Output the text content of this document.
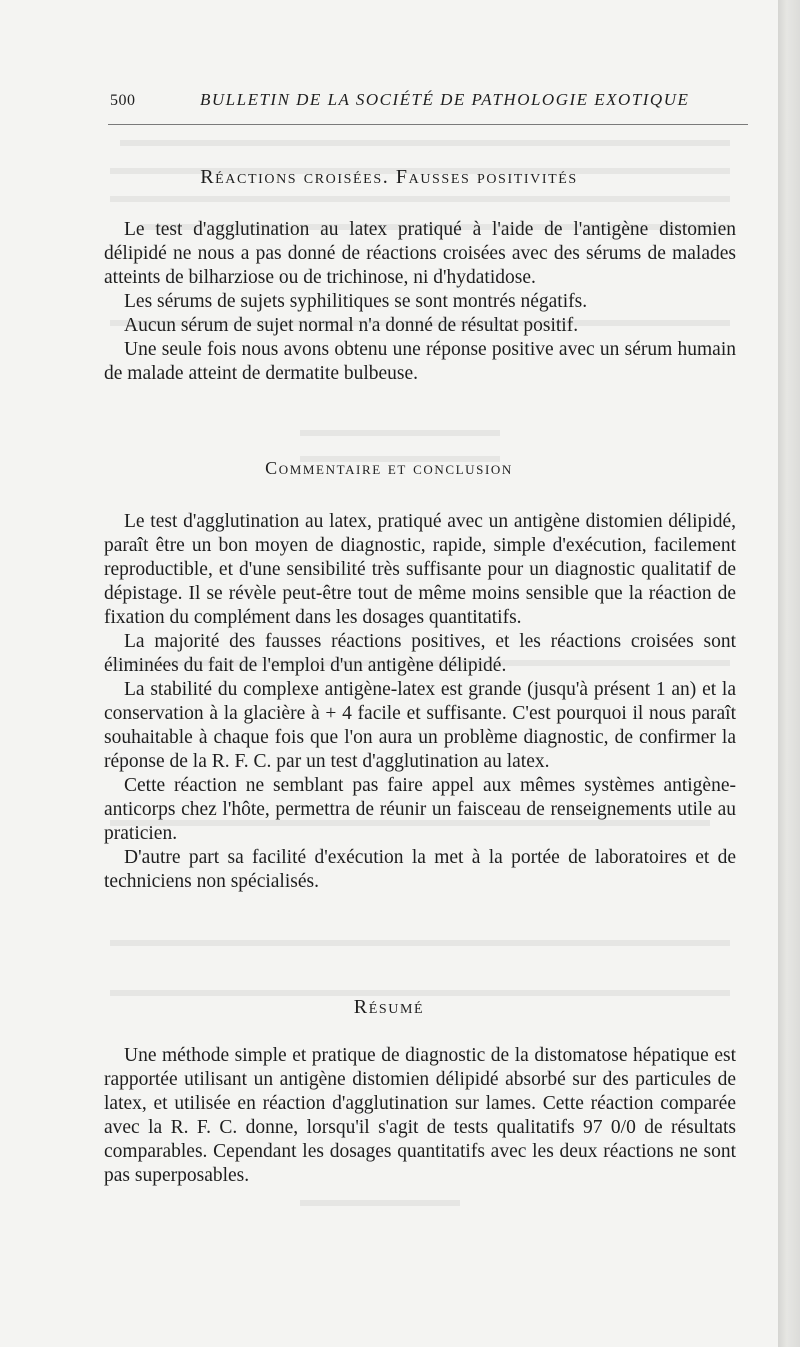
500	BULLETIN DE LA SOCIÉTÉ DE PATHOLOGIE EXOTIQUE
Réactions croisées. Fausses positivités

Le test d'agglutination au latex pratiqué à l'aide de l'antigène distomien délipidé ne nous a pas donné de réactions croisées avec des sérums de malades atteints de bilharziose ou de trichinose, ni d'hydatidose.

Les sérums de sujets syphilitiques se sont montrés négatifs.

Aucun sérum de sujet normal n'a donné de résultat positif.

Une seule fois nous avons obtenu une réponse positive avec un sérum humain de malade atteint de dermatite bulbeuse.

Commentaire et conclusion

Le test d'agglutination au latex, pratiqué avec un antigène distomien délipidé, paraît être un bon moyen de diagnostic, rapide, simple d'exécution, facilement reproductible, et d'une sensibilité très suffisante pour un diagnostic qualitatif de dépistage. Il se révèle peut-être tout de même moins sensible que la réaction de fixation du complément dans les dosages quantitatifs.

La majorité des fausses réactions positives, et les réactions croisées sont éliminées du fait de l'emploi d'un antigène délipidé.

La stabilité du complexe antigène-latex est grande (jusqu'à présent 1 an) et la conservation à la glacière à + 4 facile et suffisante. C'est pourquoi il nous paraît souhaitable à chaque fois que l'on aura un problème diagnostic, de confirmer la réponse de la R. F. C. par un test d'agglutination au latex.

Cette réaction ne semblant pas faire appel aux mêmes systèmes antigène-anticorps chez l'hôte, permettra de réunir un faisceau de renseignements utile au praticien.

D'autre part sa facilité d'exécution la met à la portée de laboratoires et de techniciens non spécialisés.

Résumé

Une méthode simple et pratique de diagnostic de la distomatose hépatique est rapportée utilisant un antigène distomien délipidé absorbé sur des particules de latex, et utilisée en réaction d'agglutination sur lames. Cette réaction comparée avec la R. F. C. donne, lorsqu'il s'agit de tests qualitatifs 97 0/0 de résultats comparables. Cependant les dosages quantitatifs avec les deux réactions ne sont pas superposables.
